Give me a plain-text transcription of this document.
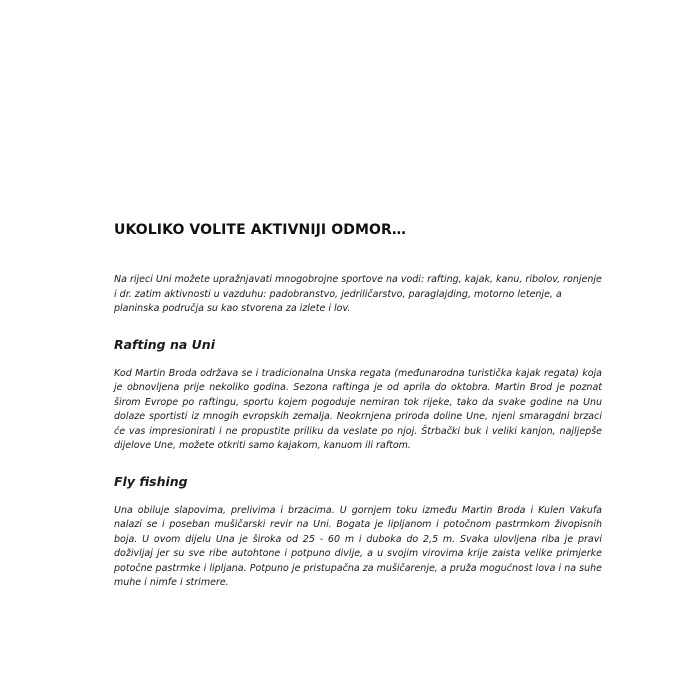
UKOLIKO VOLITE AKTIVNIJI ODMOR…

Na rijeci Uni možete upražnjavati mnogobrojne sportove na vodi: rafting, kajak, kanu, ribolov, ronjenje i dr. zatim aktivnosti u vazduhu: padobranstvo, jedriličarstvo, paraglajding, motorno letenje, a planinska područja su kao stvorena za izlete i lov.

Rafting na Uni

Kod Martin Broda održava se i tradicionalna Unska regata (međunarodna turistička kajak regata) koja je obnovljena prije nekoliko godina. Sezona raftinga je od aprila do oktobra. Martin Brod je poznat širom Evrope po raftingu, sportu kojem pogoduje nemiran tok rijeke, tako da svake godine na Unu dolaze sportisti iz mnogih evropskih zemalja. Neokrnjena priroda doline Une, njeni smaragdni brzaci će vas impresionirati i ne propustite priliku da veslate po njoj. Štrbački buk i veliki kanjon, najljepše dijelove Une, možete otkriti samo kajakom, kanuom ili raftom.

Fly fishing

Una obiluje slapovima, prelivima i brzacima. U gornjem toku između Martin Broda i Kulen Vakufa nalazi se i poseban mušičarski revir na Uni. Bogata je lipljanom i potočnom pastrmkom živopisnih boja. U ovom dijelu Una je široka od 25 - 60 m i duboka do 2,5 m. Svaka ulovljena riba je pravi doživljaj jer su sve ribe autohtone i potpuno divlje, a u svojim virovima krije zaista velike primjerke potočne pastrmke i lipljana. Potpuno je pristupačna za mušičarenje, a pruža mogućnost lova i na suhe muhe i nimfe i strimere.
